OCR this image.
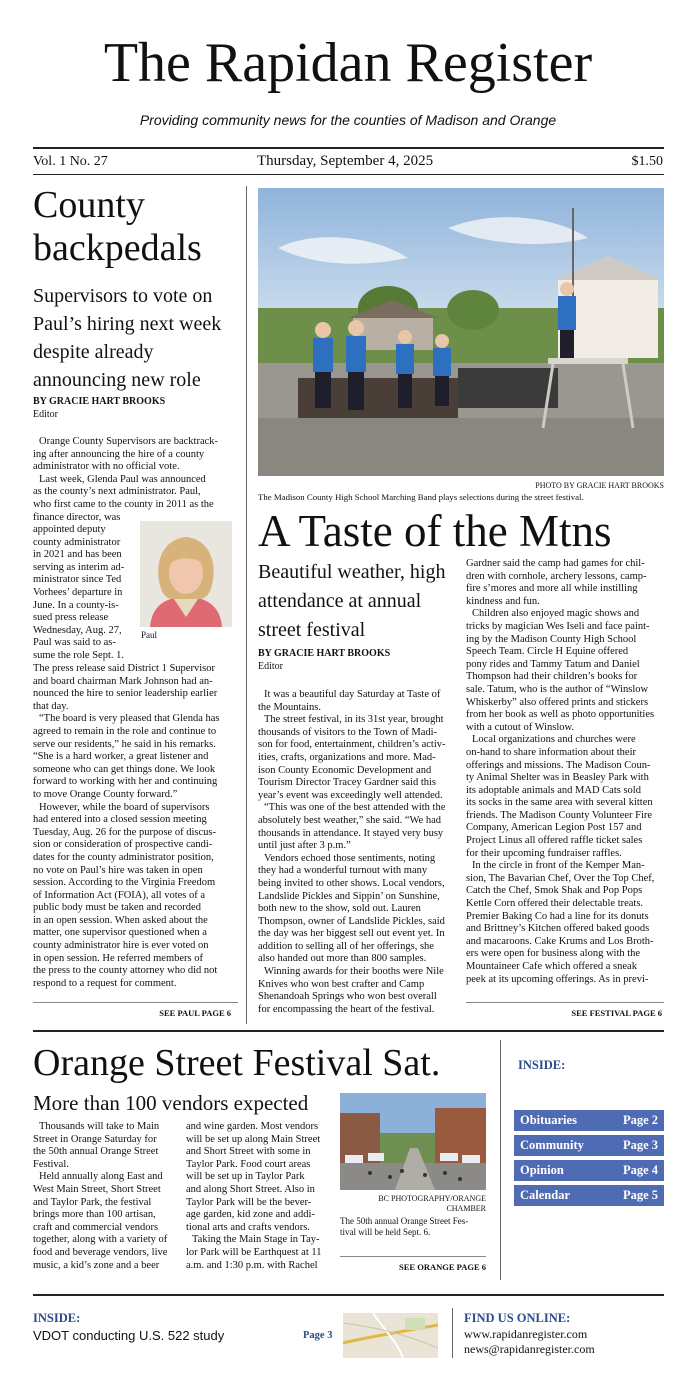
The Rapidan Register
Providing community news for the counties of Madison and Orange
Vol. 1 No. 27	Thursday, September 4, 2025	$1.50
County backpedals
Supervisors to vote on Paul’s hiring next week despite already announcing new role
BY GRACIE HART BROOKS
Editor
Orange County Supervisors are backtrack-
ing after announcing the hire of a county
administrator with no official vote.
Last week, Glenda Paul was announced
as the county’s next administrator. Paul,
who first came to the county in 2011 as the
finance director, was
appointed deputy
county administrator
in 2021 and has been
serving as interim ad-
ministrator since Ted
Vorhees’ departure in
June. In a county-is-
sued press release
Wednesday, Aug. 27,
Paul was said to as-
sume the role Sept. 1.
Paul
The press release said District 1 Supervisor
and board chairman Mark Johnson had an-
nounced the hire to senior leadership earlier
that day.
“The board is very pleased that Glenda has
agreed to remain in the role and continue to
serve our residents,” he said in his remarks.
“She is a hard worker, a great listener and
someone who can get things done. We look
forward to working with her and continuing
to move Orange County forward.”
However, while the board of supervisors
had entered into a closed session meeting
Tuesday, Aug. 26 for the purpose of discus-
sion or consideration of prospective candi-
dates for the county administrator position,
no vote on Paul’s hire was taken in open
session. According to the Virginia Freedom
of Information Act (FOIA), all votes of a
public body must be taken and recorded
in an open session. When asked about the
matter, one supervisor questioned when a
county administrator hire is ever voted on
in open session. He referred members of
the press to the county attorney who did not
respond to a request for comment.
SEE PAUL PAGE 6
PHOTO BY GRACIE HART BROOKS
The Madison County High School Marching Band plays selections during the street festival.
A Taste of the Mtns
Beautiful weather, high attendance at annual street festival
BY GRACIE HART BROOKS
Editor
It was a beautiful day Saturday at Taste of
the Mountains.
The street festival, in its 31st year, brought
thousands of visitors to the Town of Madi-
son for food, entertainment, children’s activ-
ities, crafts, organizations and more. Mad-
ison County Economic Development and
Tourism Director Tracey Gardner said this
year’s event was exceedingly well attended.
“This was one of the best attended with the
absolutely best weather,” she said. “We had
thousands in attendance. It stayed very busy
until just after 3 p.m.”
Vendors echoed those sentiments, noting
they had a wonderful turnout with many
being invited to other shows. Local vendors,
Landslide Pickles and Sippin’ on Sunshine,
both new to the show, sold out. Lauren
Thompson, owner of Landslide Pickles, said
the day was her biggest sell out event yet. In
addition to selling all of her offerings, she
also handed out more than 800 samples.
Winning awards for their booths were Nile
Knives who won best crafter and Camp
Shenandoah Springs who won best overall
for encompassing the heart of the festival.
Gardner said the camp had games for chil-
dren with cornhole, archery lessons, camp-
fire s’mores and more all while instilling
kindness and fun.
Children also enjoyed magic shows and
tricks by magician Wes Iseli and face paint-
ing by the Madison County High School
Speech Team. Circle H Equine offered
pony rides and Tammy Tatum and Daniel
Thompson had their children’s books for
sale. Tatum, who is the author of “Winslow
Whiskerby” also offered prints and stickers
from her book as well as photo opportunities
with a cutout of Winslow.
Local organizations and churches were
on-hand to share information about their
offerings and missions. The Madison Coun-
ty Animal Shelter was in Beasley Park with
its adoptable animals and MAD Cats sold
its socks in the same area with several kitten
friends. The Madison County Volunteer Fire
Company, American Legion Post 157 and
Project Linus all offered raffle ticket sales
for their upcoming fundraiser raffles.
In the circle in front of the Kemper Man-
sion, The Bavarian Chef, Over the Top Chef,
Catch the Chef, Smok Shak and Pop Pops
Kettle Corn offered their delectable treats.
Premier Baking Co had a line for its donuts
and Brittney’s Kitchen offered baked goods
and macaroons. Cake Krums and Los Broth-
ers were open for business along with the
Mountaineer Cafe which offered a sneak
peek at its upcoming offerings. As in previ-
SEE FESTIVAL PAGE 6
Orange Street Festival Sat.
More than 100 vendors expected
Thousands will take to Main
Street in Orange Saturday for
the 50th annual Orange Street
Festival.
Held annually along East and
West Main Street, Short Street
and Taylor Park, the festival
brings more than 100 artisan,
craft and commercial vendors
together, along with a variety of
food and beverage vendors, live
music, a kid’s zone and a beer
and wine garden. Most vendors
will be set up along Main Street
and Short Street with some in
Taylor Park. Food court areas
will be set up in Taylor Park
and along Short Street. Also in
Taylor Park will be the bever-
age garden, kid zone and addi-
tional arts and crafts vendors.
Taking the Main Stage in Tay-
lor Park will be Earthquest at 11
a.m. and 1:30 p.m. with Rachel
BC PHOTOGRAPHY/ORANGE
CHAMBER
The 50th annual Orange Street Fes-tival will be held Sept. 6.
SEE ORANGE PAGE 6
INSIDE:
Obituaries	Page 2
Community	Page 3
Opinion	Page 4
Calendar	Page 5
INSIDE:
VDOT conducting U.S. 522 study	Page 3
FIND US ONLINE:
www.rapidanregister.com
news@rapidanregister.com
